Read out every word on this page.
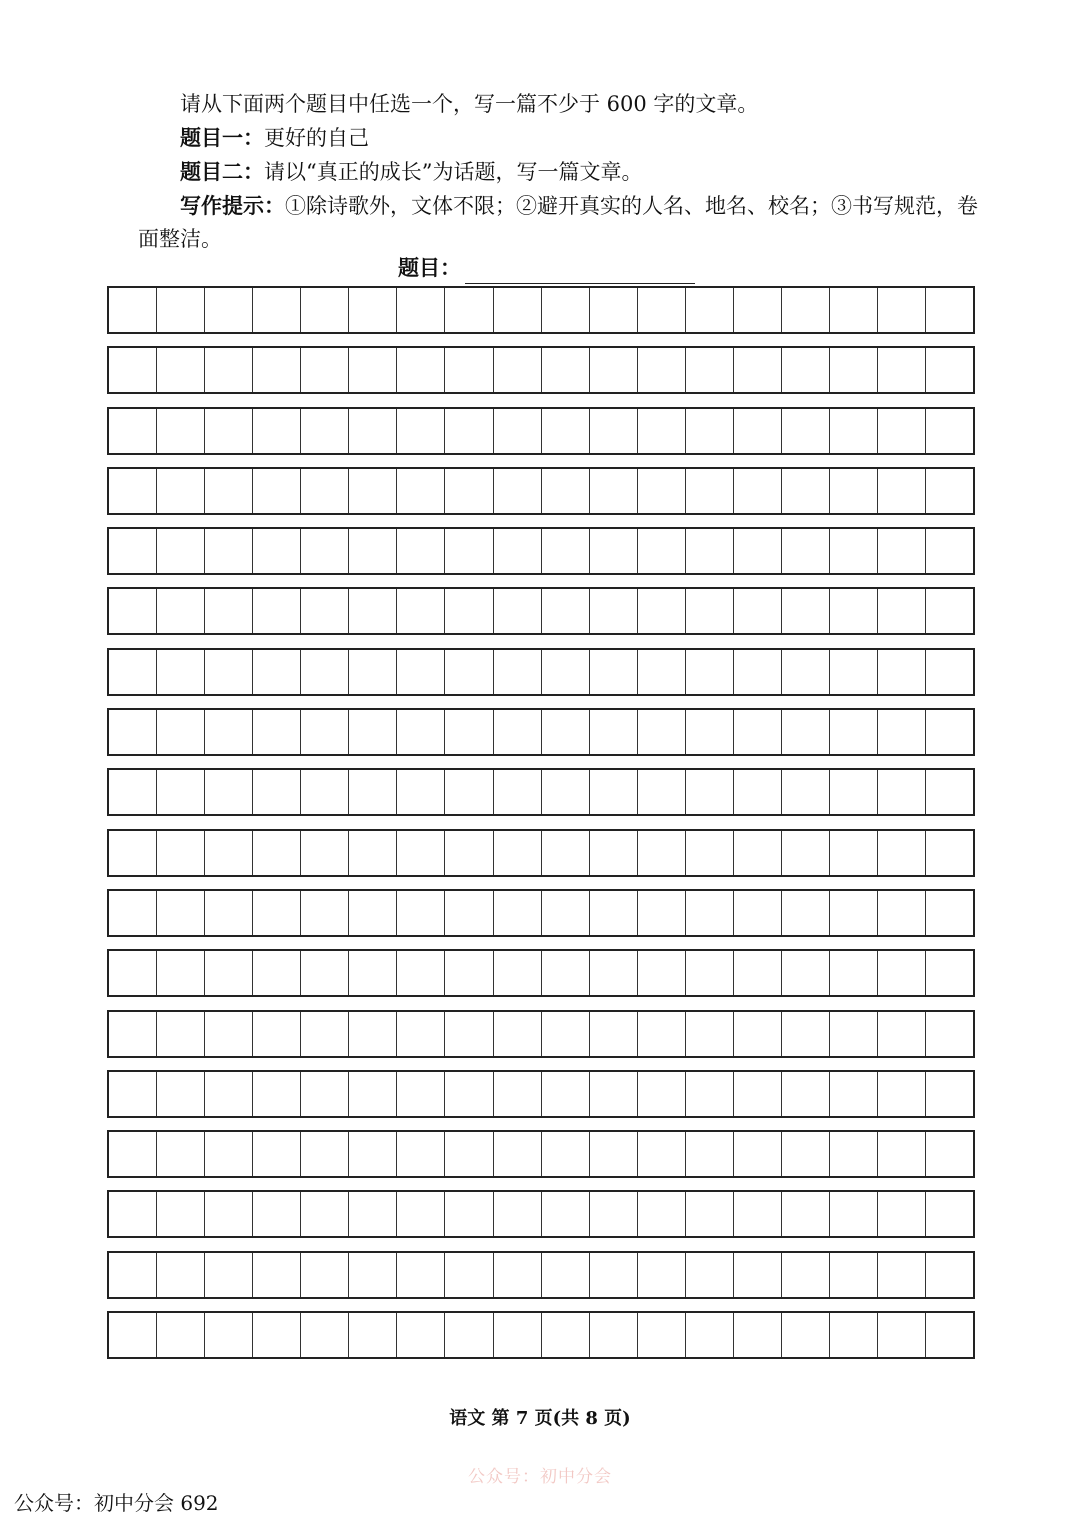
请从下面两个题目中任选一个，写一篇不少于 600 字的文章。

题目一：更好的自己

题目二：请以“真正的成长”为话题，写一篇文章。

写作提示：①除诗歌外，文体不限；②避开真实的人名、地名、校名；③书写规范，卷面整洁。

题目：
语文 第 7 页(共 8 页)
公众号：初中分会
公众号：初中分会 692
